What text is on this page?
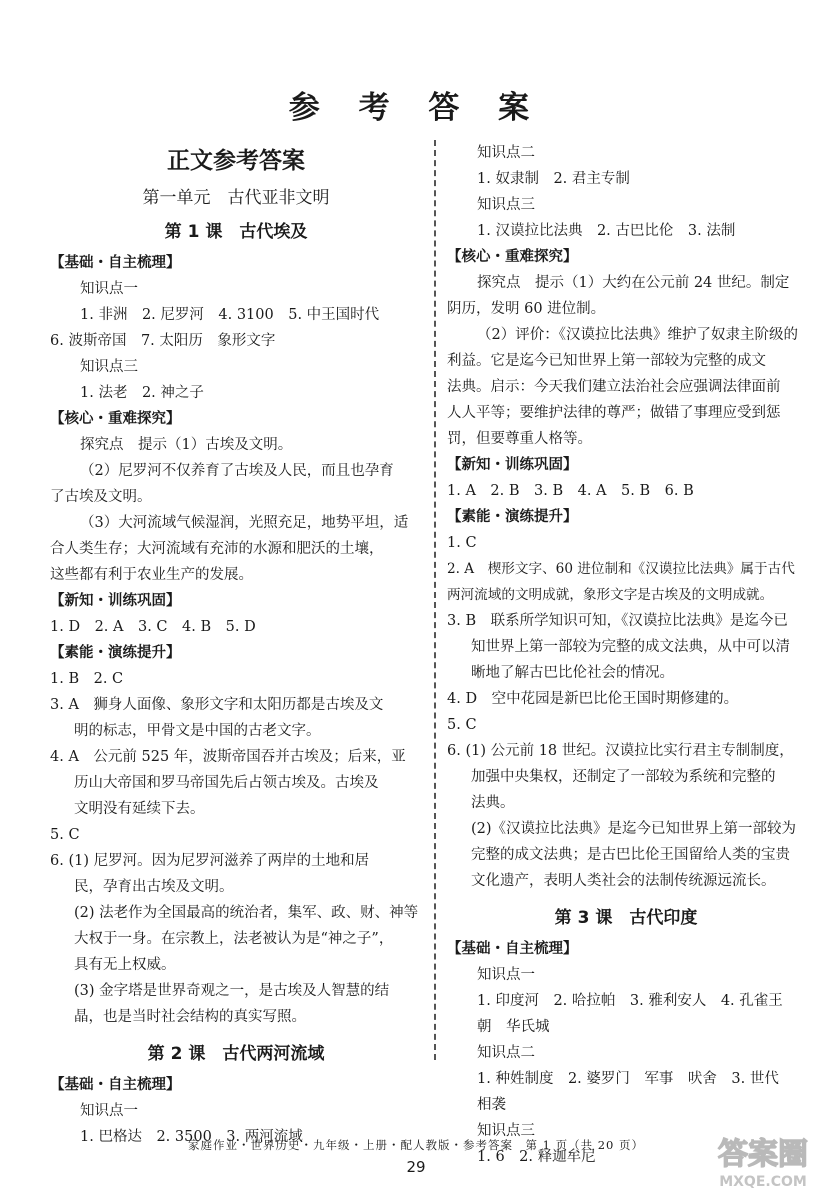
参 考 答 案
正文参考答案
第一单元　古代亚非文明
第 1 课　古代埃及
【基础・自主梳理】
知识点一
1. 非洲　2. 尼罗河　4. 3100　5. 中王国时代
6. 波斯帝国　7. 太阳历　象形文字
知识点三
1. 法老　2. 神之子
【核心・重难探究】
探究点　提示（1）古埃及文明。
（2）尼罗河不仅养育了古埃及人民，而且也孕育
了古埃及文明。
（3）大河流域气候湿润，光照充足，地势平坦，适
合人类生存；大河流域有充沛的水源和肥沃的土壤，
这些都有利于农业生产的发展。
【新知・训练巩固】
1. D　2. A　3. C　4. B　5. D
【素能・演练提升】
1. B　2. C
3. A　狮身人面像、象形文字和太阳历都是古埃及文
明的标志，甲骨文是中国的古老文字。
4. A　公元前 525 年，波斯帝国吞并古埃及；后来，亚
历山大帝国和罗马帝国先后占领古埃及。古埃及
文明没有延续下去。
5. C
6. (1) 尼罗河。因为尼罗河滋养了两岸的土地和居
民，孕育出古埃及文明。
(2) 法老作为全国最高的统治者，集军、政、财、神等
大权于一身。在宗教上，法老被认为是“神之子”，
具有无上权威。
(3) 金字塔是世界奇观之一，是古埃及人智慧的结
晶，也是当时社会结构的真实写照。
第 2 课　古代两河流域
【基础・自主梳理】
知识点一
1. 巴格达　2. 3500　3. 两河流域
知识点二
1. 奴隶制　2. 君主专制
知识点三
1. 汉谟拉比法典　2. 古巴比伦　3. 法制
【核心・重难探究】
探究点　提示（1）大约在公元前 24 世纪。制定
阴历，发明 60 进位制。
（2）评价：《汉谟拉比法典》维护了奴隶主阶级的
利益。它是迄今已知世界上第一部较为完整的成文
法典。启示：今天我们建立法治社会应强调法律面前
人人平等；要维护法律的尊严；做错了事理应受到惩
罚，但要尊重人格等。
【新知・训练巩固】
1. A　2. B　3. B　4. A　5. B　6. B
【素能・演练提升】
1. C
2. A　楔形文字、60 进位制和《汉谟拉比法典》属于古代
两河流域的文明成就，象形文字是古埃及的文明成就。
3. B　联系所学知识可知，《汉谟拉比法典》是迄今已
知世界上第一部较为完整的成文法典，从中可以清
晰地了解古巴比伦社会的情况。
4. D　空中花园是新巴比伦王国时期修建的。
5. C
6. (1) 公元前 18 世纪。汉谟拉比实行君主专制制度，
加强中央集权，还制定了一部较为系统和完整的
法典。
(2)《汉谟拉比法典》是迄今已知世界上第一部较为
完整的成文法典；是古巴比伦王国留给人类的宝贵
文化遗产，表明人类社会的法制传统源远流长。
第 3 课　古代印度
【基础・自主梳理】
知识点一
1. 印度河　2. 哈拉帕　3. 雅利安人　4. 孔雀王
朝　华氏城
知识点二
1. 种姓制度　2. 婆罗门　军事　吠舍　3. 世代
相袭
知识点三
1. 6　2. 释迦牟尼
家庭作业・世界历史・九年级・上册・配人教版・参考答案　第 1 页（共 20 页）
29	答案圈
MXQE.COM
